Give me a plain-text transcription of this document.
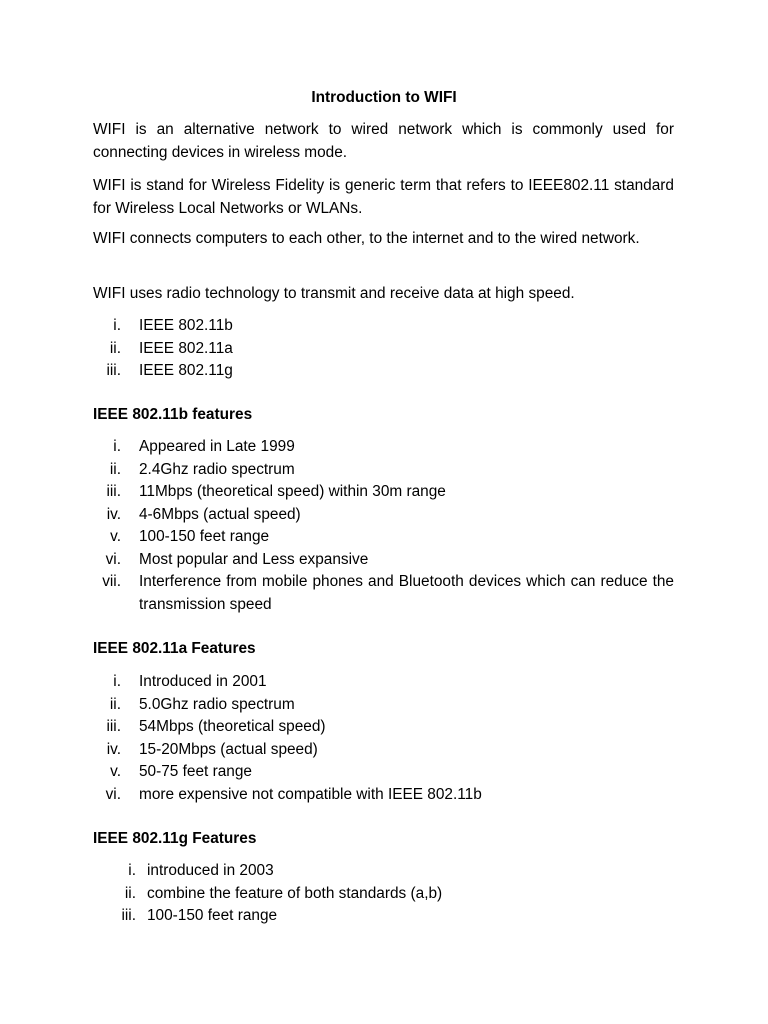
Introduction to WIFI

WIFI is an alternative network to wired network which is commonly used for connecting devices in wireless mode.

WIFI is stand for Wireless Fidelity is generic term that refers to IEEE802.11 standard for Wireless Local Networks or WLANs.

WIFI connects computers to each other, to the internet and to the wired network.

WIFI uses radio technology to transmit and receive data at high speed.

i. IEEE 802.11b
ii. IEEE 802.11a
iii. IEEE 802.11g
IEEE 802.11b features
i. Appeared in Late 1999
ii. 2.4Ghz radio spectrum
iii. 11Mbps (theoretical speed) within 30m range
iv. 4-6Mbps (actual speed)
v. 100-150 feet range
vi. Most popular and Less expansive
vii. Interference from mobile phones and Bluetooth devices which can reduce the transmission speed
IEEE 802.11a Features
i. Introduced in 2001
ii. 5.0Ghz radio spectrum
iii. 54Mbps (theoretical speed)
iv. 15-20Mbps (actual speed)
v. 50-75 feet range
vi. more expensive not compatible with IEEE 802.11b
IEEE 802.11g Features
i. introduced in 2003
ii. combine the feature of both standards (a,b)
iii. 100-150 feet range
